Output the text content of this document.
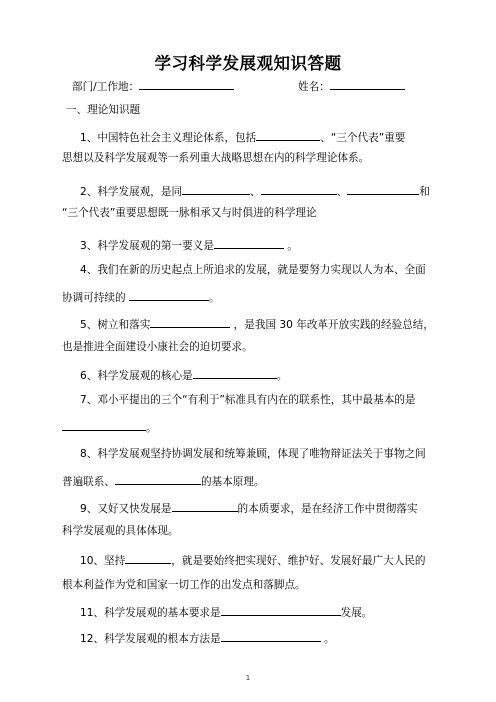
学习科学发展观知识答题
部门/工作地：	姓名：
一、理论知识题
1、中国特色社会主义理论体系，包括	、“三个代表”重要
思想以及科学发展观等一系列重大战略思想在内的科学理论体系。
2、科学发展观，是同	、	、	和
“三个代表”重要思想既一脉相承又与时俱进的科学理论
3、科学发展观的第一要义是	。
4、我们在新的历史起点上所追求的发展，就是要努力实现以人为本、全面
协调可持续的	。
5、树立和落实	，是我国 30 年改革开放实践的经验总结，
也是推进全面建设小康社会的迫切要求。
6、科学发展观的核心是	。
7、邓小平提出的三个“有利于”标准具有内在的联系性，其中最基本的是
。
8、科学发展观坚持协调发展和统筹兼顾，体现了唯物辩证法关于事物之间
普遍联系、	的基本原理。
9、又好又快发展是	的本质要求，是在经济工作中贯彻落实
科学发展观的具体体现。
10、坚持	，就是要始终把实现好、维护好、发展好最广大人民的
根本利益作为党和国家一切工作的出发点和落脚点。
11、科学发展观的基本要求是	发展。
12、科学发展观的根本方法是	。
1
